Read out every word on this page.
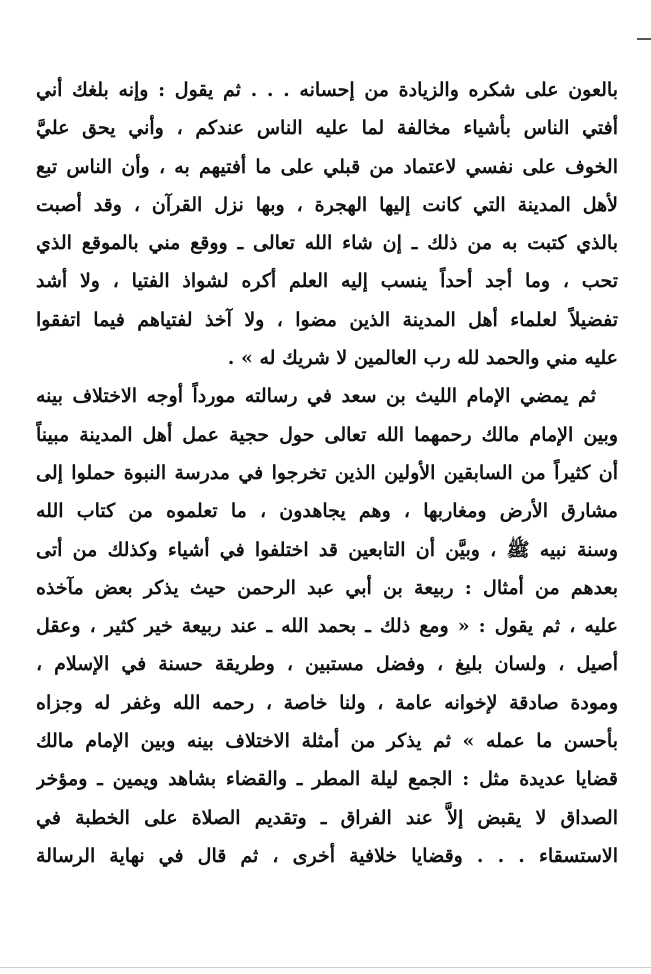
بالعون على شكره والزيادة من إحسانه . . . ثم يقول : وإنه بلغك أني
أفتي الناس بأشياء مخالفة لما عليه الناس عندكم ، وأني يحق عليَّ
الخوف على نفسي لاعتماد من قبلي على ما أفتيهم به ، وأن الناس تبع
لأهل المدينة التي كانت إليها الهجرة ، وبها نزل القرآن ، وقد أصبت
بالذي كتبت به من ذلك ـ إن شاء الله تعالى ـ ووقع مني بالموقع الذي
تحب ، وما أجد أحداً ينسب إليه العلم أكره لشواذ الفتيا ، ولا أشد
تفضيلاً لعلماء أهل المدينة الذين مضوا ، ولا آخذ لفتياهم فيما اتفقوا
عليه مني والحمد لله رب العالمين لا شريك له » .
ثم يمضي الإمام الليث بن سعد في رسالته مورداً أوجه الاختلاف بينه
وبين الإمام مالك رحمهما الله تعالى حول حجية عمل أهل المدينة مبيناً
أن كثيراً من السابقين الأولين الذين تخرجوا في مدرسة النبوة حملوا إلى
مشارق الأرض ومغاربها ، وهم يجاهدون ، ما تعلموه من كتاب الله
وسنة نبيه ﷺ ، وبيَّن أن التابعين قد اختلفوا في أشياء وكذلك من أتى
بعدهم من أمثال : ربيعة بن أبي عبد الرحمن حيث يذكر بعض مآخذه
عليه ، ثم يقول : « ومع ذلك ـ بحمد الله ـ عند ربيعة خير كثير ، وعقل
أصيل ، ولسان بليغ ، وفضل مستبين ، وطريقة حسنة في الإسلام ،
ومودة صادقة لإخوانه عامة ، ولنا خاصة ، رحمه الله وغفر له وجزاه
بأحسن ما عمله » ثم يذكر من أمثلة الاختلاف بينه وبين الإمام مالك
قضايا عديدة مثل : الجمع ليلة المطر ـ والقضاء بشاهد ويمين ـ ومؤخر
الصداق لا يقبض إلاَّ عند الفراق ـ وتقديم الصلاة على الخطبة في
الاستسقاء . . . وقضايا خلافية أخرى ، ثم قال في نهاية الرسالة
